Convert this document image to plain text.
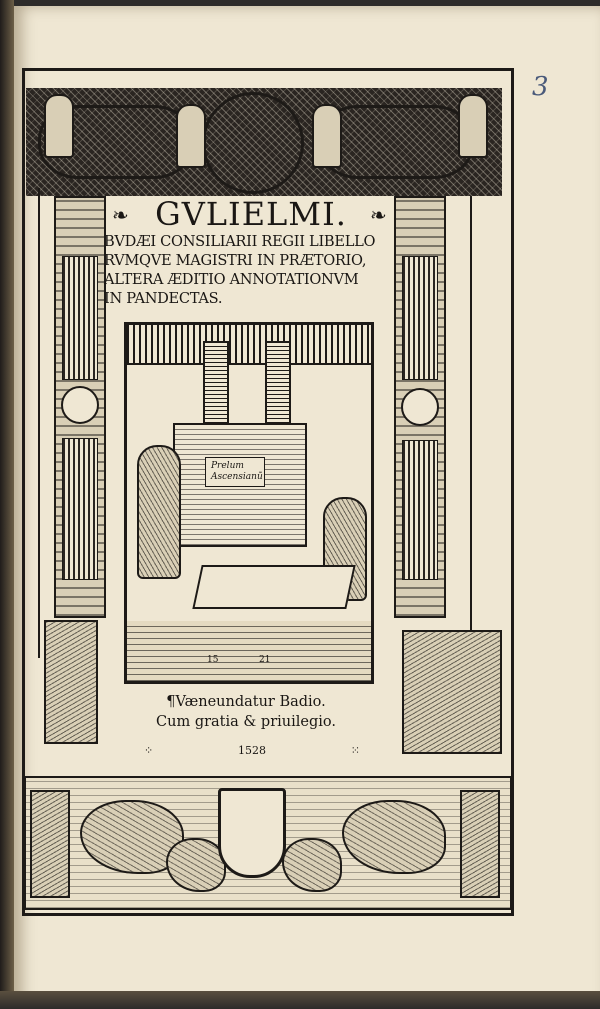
3
❧	❧
GVLIELMI.
BVDÆI CONSILIARII REGII LIBELLO
RVMQVE MAGISTRI IN PRÆTORIO,
ALTERA ÆDITIO ANNOTATIONVM
IN PANDECTAS.
Prelum
Ascensianũ
15	21
¶Væneundatur Badio.
Cum gratia & priuilegio.
⁘	1528	⁙
